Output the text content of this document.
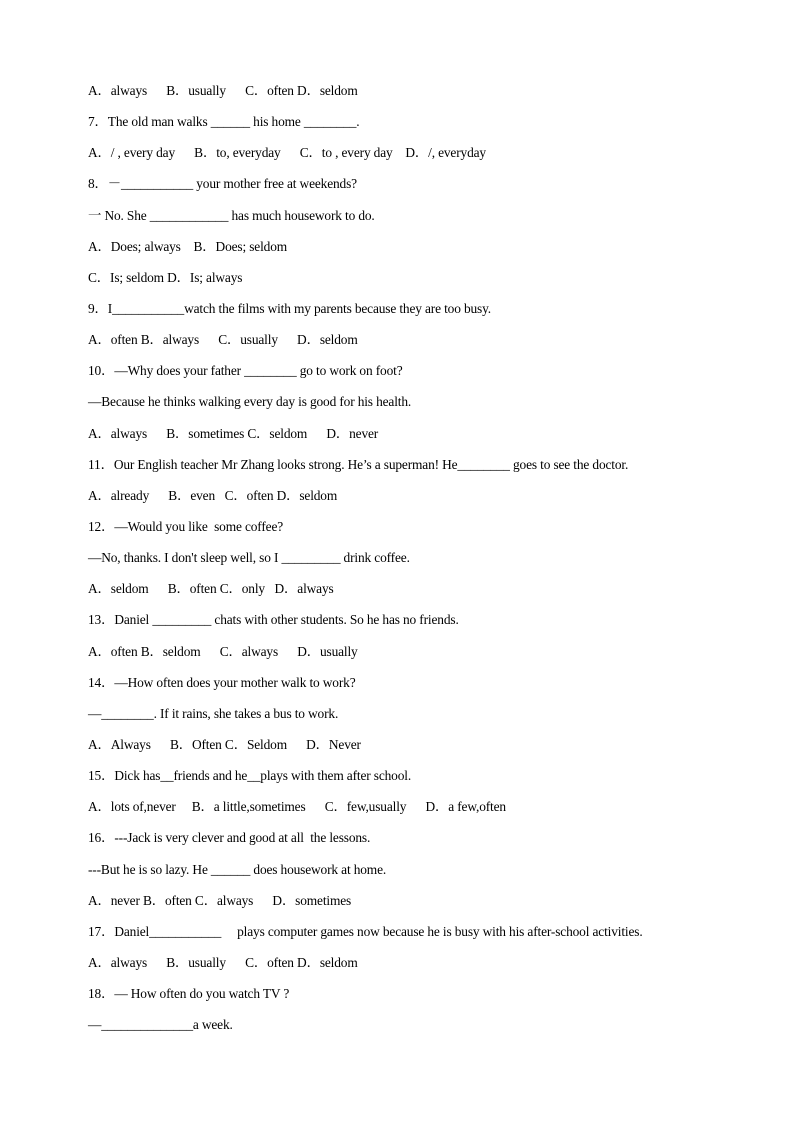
A．always      B．usually      C．often D．seldom
7．The old man walks ______ his home ________.
A．/ , every day      B．to, everyday      C．to , every day    D．/, everyday
8．－___________ your mother free at weekends?
一 No. She ____________ has much housework to do.
A．Does; always    B．Does; seldom
C．Is; seldom D．Is; always
9．I___________watch the films with my parents because they are too busy.
A．often B．always      C．usually      D．seldom
10．—Why does your father ________ go to work on foot?
—Because he thinks walking every day is good for his health.
A．always      B．sometimes C．seldom      D．never
11．Our English teacher Mr Zhang looks strong. He’s a superman! He________ goes to see the doctor.
A．already      B．even   C．often D．seldom
12．—Would you like  some coffee?
—No, thanks. I don't sleep well, so I _________ drink coffee.
A．seldom      B．often C．only   D．always
13．Daniel _________ chats with other students. So he has no friends.
A．often B．seldom      C．always      D．usually
14．—How often does your mother walk to work?
—________. If it rains, she takes a bus to work.
A．Always      B．Often C．Seldom      D．Never
15．Dick has__friends and he__plays with them after school.
A．lots of,never     B．a little,sometimes      C．few,usually      D．a few,often
16．---Jack is very clever and good at all  the lessons.
---But he is so lazy. He ______ does housework at home.
A．never B．often C．always      D．sometimes
17．Daniel___________     plays computer games now because he is busy with his after-school activities.
A．always      B．usually      C．often D．seldom
18．— How often do you watch TV ?
—______________a week.
